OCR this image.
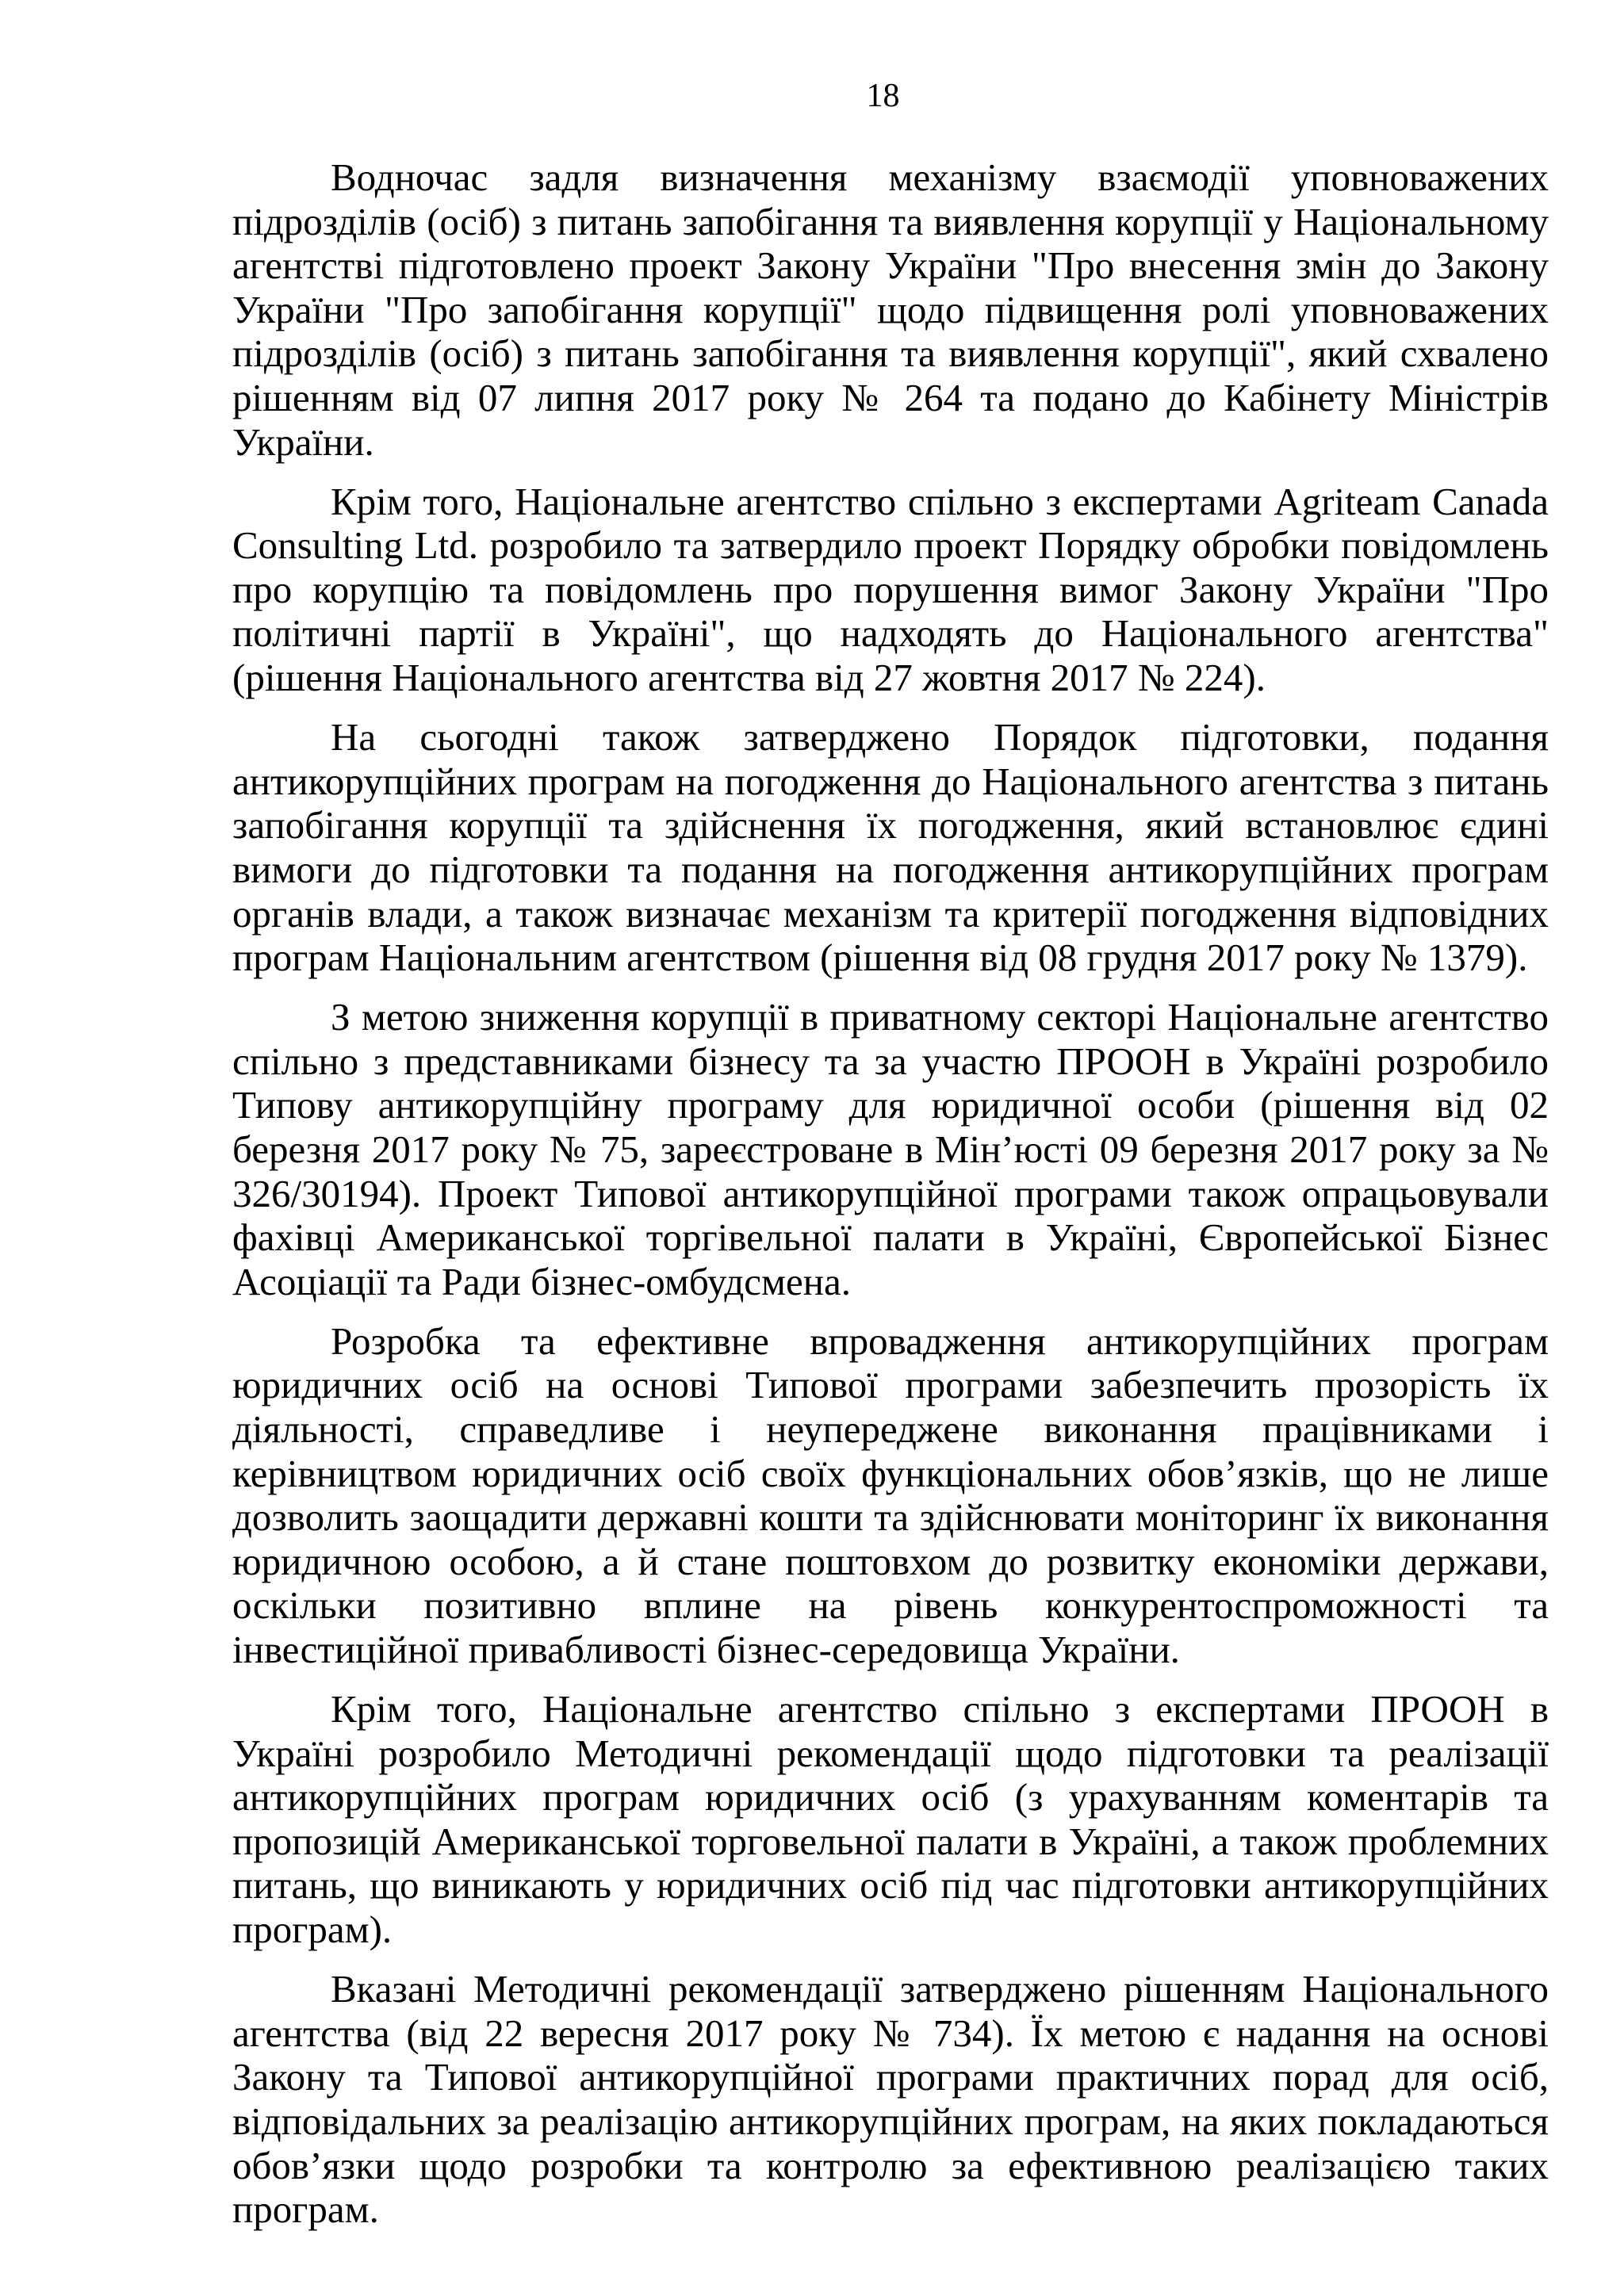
18

Водночас задля визначення механізму взаємодії уповноважених підрозділів (осіб) з питань запобігання та виявлення корупції у Національному агентстві підготовлено проект Закону України "Про внесення змін до Закону України "Про запобігання корупції" щодо підвищення ролі уповноважених підрозділів (осіб) з питань запобігання та виявлення корупції", який схвалено рішенням від 07 липня 2017 року № 264 та подано до Кабінету Міністрів України.

Крім того, Національне агентство спільно з експертами Agriteam Canada Consulting Ltd. розробило та затвердило проект Порядку обробки повідомлень про корупцію та повідомлень про порушення вимог Закону України "Про політичні партії в Україні", що надходять до Національного агентства" (рішення Національного агентства від 27 жовтня 2017 № 224).

На сьогодні також затверджено Порядок підготовки, подання антикорупційних програм на погодження до Національного агентства з питань запобігання корупції та здійснення їх погодження, який встановлює єдині вимоги до підготовки та подання на погодження антикорупційних програм органів влади, а також визначає механізм та критерії погодження відповідних програм Національним агентством (рішення від 08 грудня 2017 року № 1379).

З метою зниження корупції в приватному секторі Національне агентство спільно з представниками бізнесу та за участю ПРООН в Україні розробило Типову антикорупційну програму для юридичної особи (рішення від 02 березня 2017 року № 75, зареєстроване в Мін’юсті 09 березня 2017 року за № 326/30194). Проект Типової антикорупційної програми також опрацьовували фахівці Американської торгівельної палати в Україні, Європейської Бізнес Асоціації та Ради бізнес-омбудсмена.

Розробка та ефективне впровадження антикорупційних програм юридичних осіб на основі Типової програми забезпечить прозорість їх діяльності, справедливе і неупереджене виконання працівниками і керівництвом юридичних осіб своїх функціональних обов’язків, що не лише дозволить заощадити державні кошти та здійснювати моніторинг їх виконання юридичною особою, а й стане поштовхом до розвитку економіки держави, оскільки позитивно вплине на рівень конкурентоспроможності та інвестиційної привабливості бізнес-середовища України.

Крім того, Національне агентство спільно з експертами ПРООН в Україні розробило Методичні рекомендації щодо підготовки та реалізації антикорупційних програм юридичних осіб (з урахуванням коментарів та пропозицій Американської торговельної палати в Україні, а також проблемних питань, що виникають у юридичних осіб під час підготовки антикорупційних програм).

Вказані Методичні рекомендації затверджено рішенням Національного агентства (від 22 вересня 2017 року № 734). Їх метою є надання на основі Закону та Типової антикорупційної програми практичних порад для осіб, відповідальних за реалізацію антикорупційних програм, на яких покладаються обов’язки щодо розробки та контролю за ефективною реалізацією таких програм.
